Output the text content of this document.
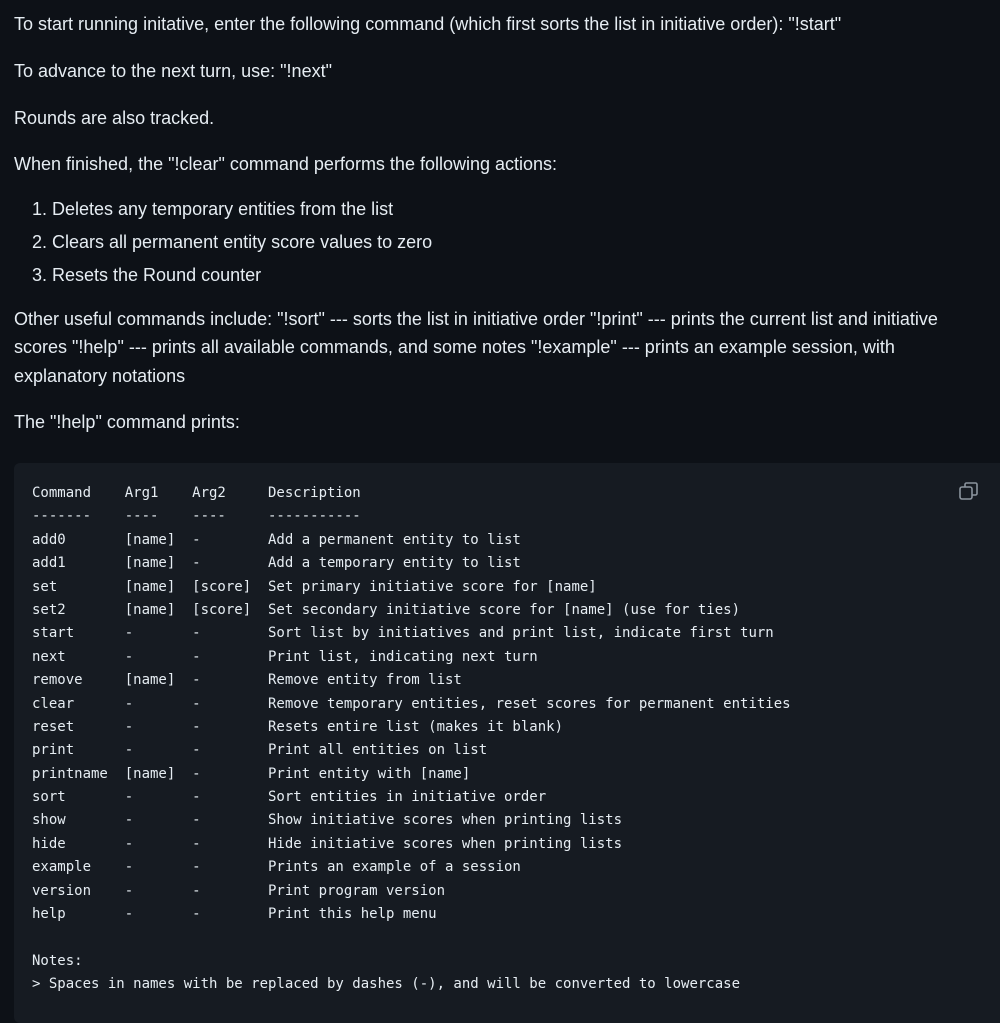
To start running initative, enter the following command (which first sorts the list in initiative order): "!start"

To advance to the next turn, use: "!next"

Rounds are also tracked.

When finished, the "!clear" command performs the following actions:

1. Deletes any temporary entities from the list
2. Clears all permanent entity score values to zero
3. Resets the Round counter

Other useful commands include: "!sort" --- sorts the list in initiative order "!print" --- prints the current list and initiative scores "!help" --- prints all available commands, and some notes "!example" --- prints an example session, with explanatory notations

The "!help" command prints:

Command    Arg1    Arg2     Description
-------    ----    ----     -----------
add0       [name]  -        Add a permanent entity to list
add1       [name]  -        Add a temporary entity to list
set        [name]  [score]  Set primary initiative score for [name]
set2       [name]  [score]  Set secondary initiative score for [name] (use for ties)
start      -       -        Sort list by initiatives and print list, indicate first turn
next       -       -        Print list, indicating next turn
remove     [name]  -        Remove entity from list
clear      -       -        Remove temporary entities, reset scores for permanent entities
reset      -       -        Resets entire list (makes it blank)
print      -       -        Print all entities on list
printname  [name]  -        Print entity with [name]
sort       -       -        Sort entities in initiative order
show       -       -        Show initiative scores when printing lists
hide       -       -        Hide initiative scores when printing lists
example    -       -        Prints an example of a session
version    -       -        Print program version
help       -       -        Print this help menu
Notes:
> Spaces in names with be replaced by dashes (-), and will be converted to lowercase
